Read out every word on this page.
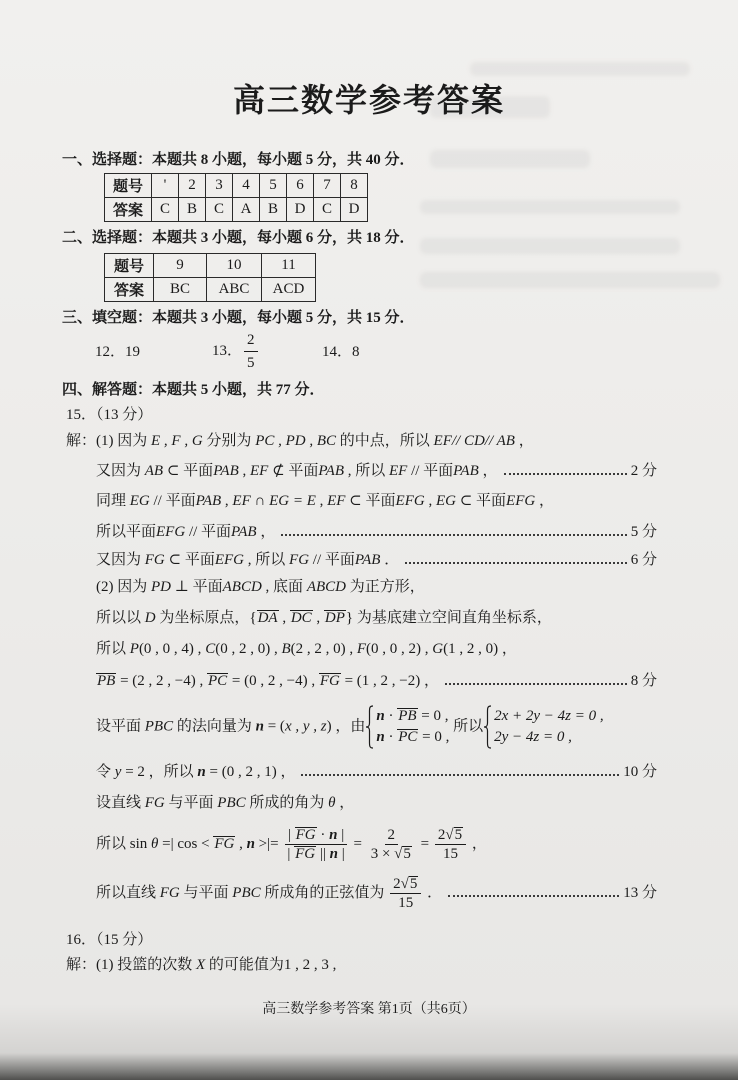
高三数学参考答案
一、选择题：本题共 8 小题，每小题 5 分，共 40 分．
题号	'	2	3	4	5	6	7	8
答案	C	B	C	A	B	D	C	D
二、选择题：本题共 3 小题，每小题 6 分，共 18 分．
题号	9	10	11
答案	BC	ABC	ACD
三、填空题：本题共 3 小题，每小题 5 分，共 15 分．
12．19	13． $\frac{2}{5}$	14．8
四、解答题：本题共 5 小题，共 77 分．
15．（13 分）
解：(1) 因为 E , F , G 分别为 PC , PD , BC 的中点，所以 EF// CD// AB ，
又因为 AB ⊂ 平面PAB , EF ⊄ 平面PAB , 所以 EF // 平面PAB ，	2 分
同理 EG // 平面PAB , EF ∩ EG = E , EF ⊂ 平面EFG , EG ⊂ 平面EFG ，
所以平面EFG // 平面PAB ，	5 分
又因为 FG ⊂ 平面EFG , 所以 FG // 平面PAB ．	6 分
(2) 因为 PD ⊥ 平面ABCD , 底面 ABCD 为正方形，
所以以 D 为坐标原点，{DA , DC , DP} 为基底建立空间直角坐标系，
所以 P(0 , 0 , 4) , C(0 , 2 , 0) , B(2 , 2 , 0) , F(0 , 0 , 2) , G(1 , 2 , 0) ，
PB = (2 , 2 , −4) , PC = (0 , 2 , −4) , FG = (1 , 2 , −2) ，	8 分
设平面 PBC 的法向量为 n = (x , y , z) ，由
n · PB = 0 ,
n · PC = 0 ,
所以
2x + 2y − 4z = 0 ,
2y − 4z = 0 ,
令 y = 2 ，所以 n = (0 , 2 , 1) ，	10 分
设直线 FG 与平面 PBC 所成的角为 θ ，
所以 sin θ =| cos < FG , n >|= $\frac{| FG \cdot n |}{| FG || n |} = \frac{2}{3 \times √5} = \frac{2√5}{15}$ ，
所以直线 FG 与平面 PBC 所成角的正弦值为 $\frac{2√5}{15}$ ．	13 分
16．（15 分）
解：(1) 投篮的次数 X 的可能值为1 , 2 , 3 ,
高三数学参考答案 第1页（共6页）
